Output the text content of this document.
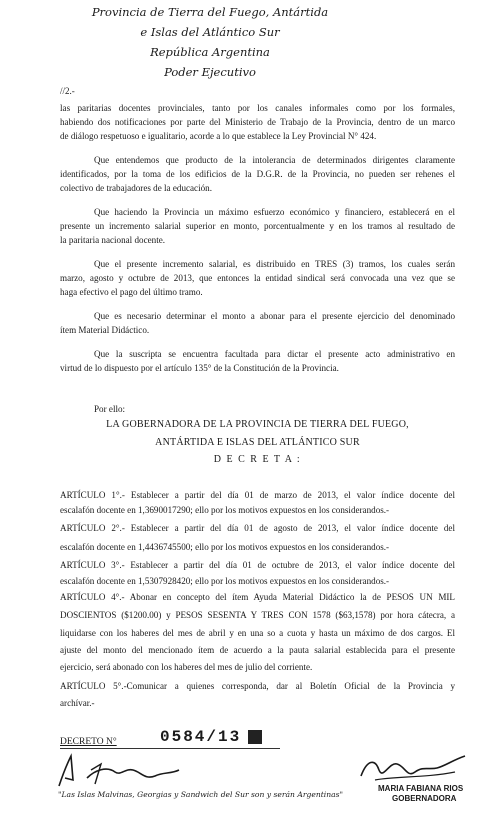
Provincia de Tierra del Fuego, Antártida
e Islas del Atlántico Sur
República Argentina
Poder Ejecutivo
//2.-
las paritarias docentes provinciales, tanto por los canales informales como por los formales,
habiendo dos notificaciones por parte del Ministerio de Trabajo de la Provincia, dentro de un marco
de diálogo respetuoso e igualitario, acorde a lo que establece la Ley Provincial N° 424.
Que entendemos que producto de la intolerancia de determinados dirigentes claramente
identificados, por la toma de los edificios de la D.G.R. de la Provincia, no pueden ser rehenes el
colectivo de trabajadores de la educación.
Que haciendo la Provincia un máximo esfuerzo económico y financiero, establecerá en el
presente un incremento salarial superior en monto, porcentualmente y en los tramos al resultado de
la paritaria nacional docente.
Que el presente incremento salarial, es distribuido en TRES (3) tramos, los cuales serán
marzo, agosto y octubre de 2013, que entonces la entidad sindical será convocada una vez que se
haga efectivo el pago del último tramo.
Que es necesario determinar el monto a abonar para el presente ejercicio del denominado
ítem Material Didáctico.
Que la suscripta se encuentra facultada para dictar el presente acto administrativo en
virtud de lo dispuesto por el artículo 135° de la Constitución de la Provincia.
Por ello:
LA GOBERNADORA DE LA PROVINCIA DE TIERRA DEL FUEGO,
ANTÁRTIDA E ISLAS DEL ATLÁNTICO SUR
D E C R E T A :
ARTÍCULO 1°.- Establecer a partir del día 01 de marzo de 2013, el valor índice docente del
escalafón docente en 1,3690017290; ello por los motivos expuestos en los considerandos.-
ARTÍCULO 2°.- Establecer a partir del día 01 de agosto de 2013, el valor índice docente del
escalafón docente en 1,4436745500; ello por los motivos expuestos en los considerandos.-
ARTÍCULO 3°.- Establecer a partir del día 01 de octubre de 2013, el valor índice docente del
escalafón docente en 1,5307928420; ello por los motivos expuestos en los considerandos.-
ARTÍCULO 4°.- Abonar en concepto del ítem Ayuda Material Didáctico la de PESOS UN MIL
DOSCIENTOS ($1200.00) y PESOS SESENTA Y TRES CON 1578 ($63,1578) por hora cátecra, a
liquidarse con los haberes del mes de abril y en una so a cuota y hasta un máximo de dos cargos. El
ajuste del monto del mencionado ítem de acuerdo a la pauta salarial establecida para el presente
ejercicio, será abonado con los haberes del mes de julio del corriente.
ARTÍCULO 5°.-Comunicar a quienes corresponda, dar al Boletín Oficial de la Provincia y
archívar.-
DECRETO N°	0584/13
MARIA FABIANA RIOS
GOBERNADORA
"Las Islas Malvinas, Georgias y Sandwich del Sur son y serán Argentinas"
